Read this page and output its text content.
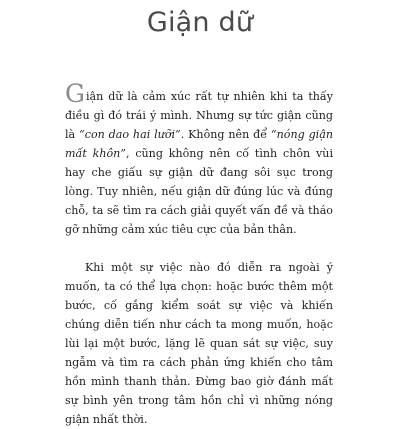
Giận dữ

Giận dữ là cảm xúc rất tự nhiên khi ta thấy điều gì đó trái ý mình. Nhưng sự tức giận cũng là “con dao hai lưỡi”. Không nên để “nóng giận mất khôn”, cũng không nên cố tình chôn vùi hay che giấu sự giận dữ đang sôi sục trong lòng. Tuy nhiên, nếu giận dữ đúng lúc và đúng chỗ, ta sẽ tìm ra cách giải quyết vấn đề và tháo gỡ những cảm xúc tiêu cực của bản thân.

Khi một sự việc nào đó diễn ra ngoài ý muốn, ta có thể lựa chọn: hoặc bước thêm một bước, cố gắng kiểm soát sự việc và khiến chúng diễn tiến như cách ta mong muốn, hoặc lùi lại một bước, lặng lẽ quan sát sự việc, suy ngẫm và tìm ra cách phản ứng khiến cho tâm hồn mình thanh thản. Đừng bao giờ đánh mất sự bình yên trong tâm hồn chỉ vì những nóng giận nhất thời.
